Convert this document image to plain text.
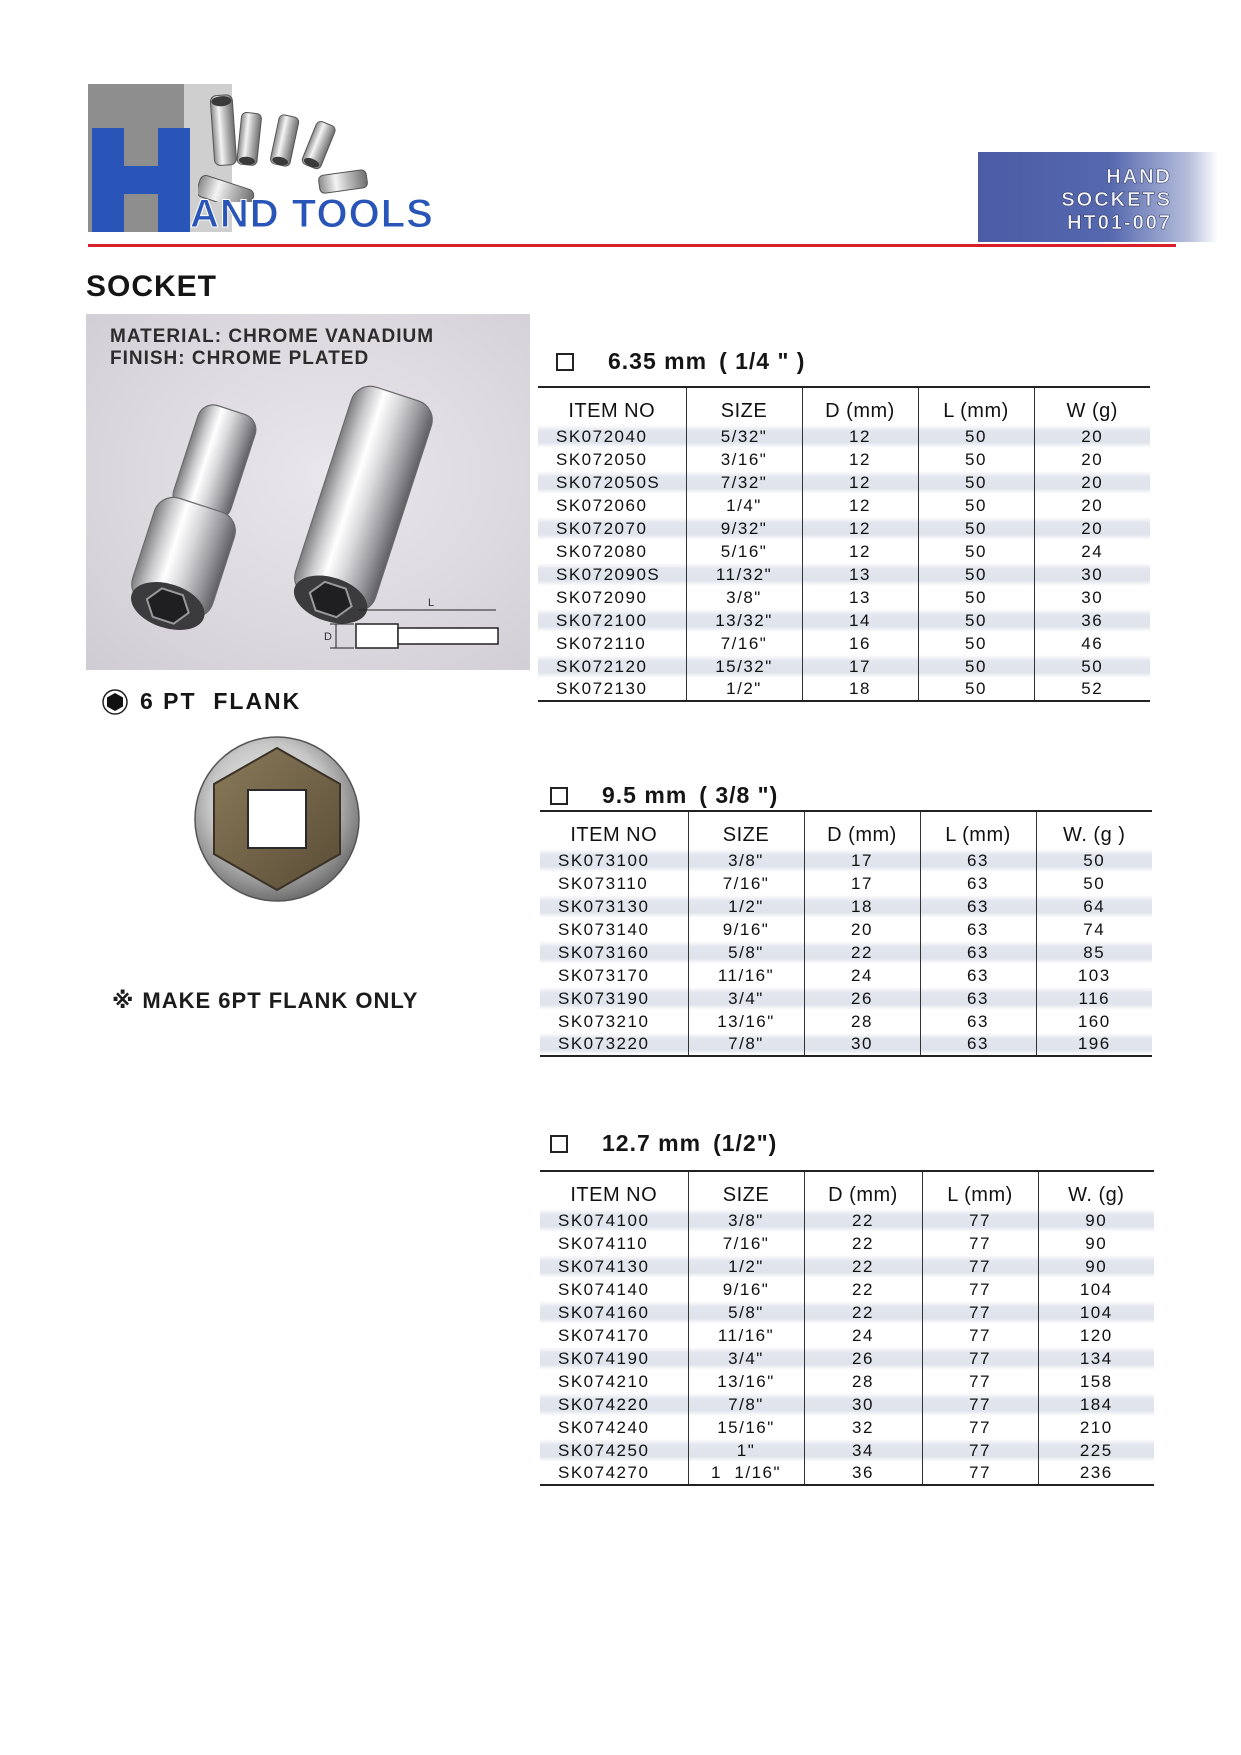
AND TOOLS
HAND
SOCKETS
HT01-007
SOCKET
L
D
MATERIAL: CHROME VANADIUM
FINISH: CHROME PLATED
6 PT  FLANK
※ MAKE 6PT FLANK ONLY
6.35 mm ( 1/4 " )
ITEM NO	SIZE	D (mm)	L (mm)	W (g)
SK072040	5/32"	12	50	20
SK072050	3/16"	12	50	20
SK072050S	7/32"	12	50	20
SK072060	1/4"	12	50	20
SK072070	9/32"	12	50	20
SK072080	5/16"	12	50	24
SK072090S	11/32"	13	50	30
SK072090	3/8"	13	50	30
SK072100	13/32"	14	50	36
SK072110	7/16"	16	50	46
SK072120	15/32"	17	50	50
SK072130	1/2"	18	50	52
9.5 mm ( 3/8 ")
ITEM NO	SIZE	D (mm)	L (mm)	W. (g )
SK073100	3/8"	17	63	50
SK073110	7/16"	17	63	50
SK073130	1/2"	18	63	64
SK073140	9/16"	20	63	74
SK073160	5/8"	22	63	85
SK073170	11/16"	24	63	103
SK073190	3/4"	26	63	116
SK073210	13/16"	28	63	160
SK073220	7/8"	30	63	196
12.7 mm (1/2")
ITEM NO	SIZE	D (mm)	L (mm)	W. (g)
SK074100	3/8"	22	77	90
SK074110	7/16"	22	77	90
SK074130	1/2"	22	77	90
SK074140	9/16"	22	77	104
SK074160	5/8"	22	77	104
SK074170	11/16"	24	77	120
SK074190	3/4"	26	77	134
SK074210	13/16"	28	77	158
SK074220	7/8"	30	77	184
SK074240	15/16"	32	77	210
SK074250	1"	34	77	225
SK074270	1  1/16"	36	77	236
